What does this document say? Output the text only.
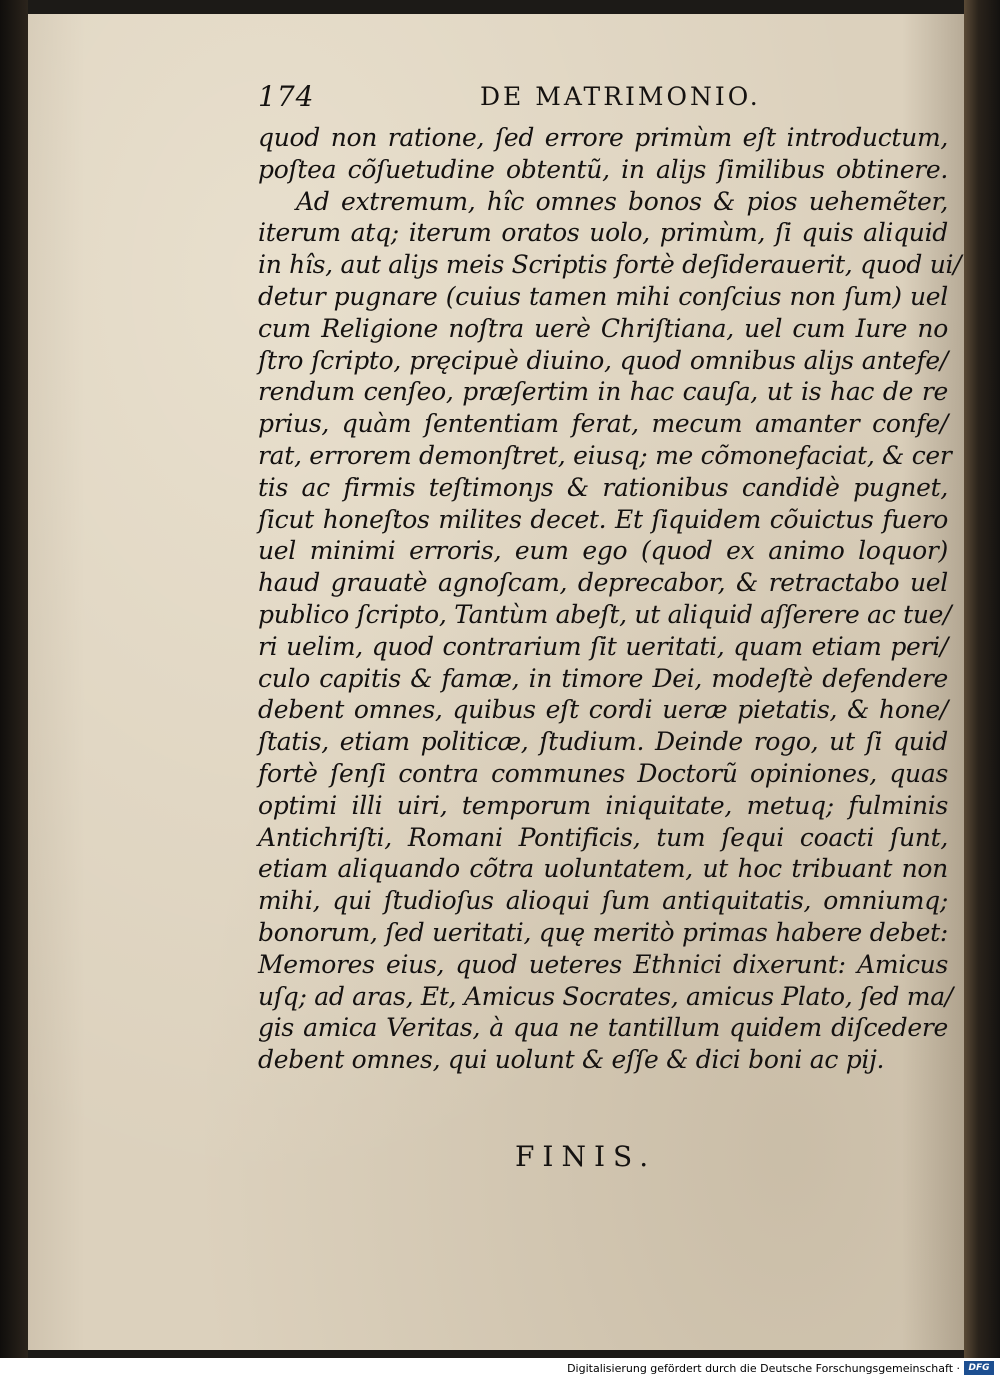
174	DE MATRIMONIO.
quod non ratione, ſed errore primùm eſt introductum,
poſtea cõſuetudine obtentũ, in aliȷs ſimilibus obtinere.
Ad extremum, hîc omnes bonos & pios uehemẽter,
iterum atq; iterum oratos uolo, primùm, ſi quis aliquid
in hîs, aut aliȷs meis Scriptis fortè deſiderauerit, quod ui/
detur pugnare (cuius tamen mihi conſcius non ſum) uel
cum Religione noſtra uerè Chriſtiana, uel cum Iure no
ſtro ſcripto, pręcipuè diuino, quod omnibus aliȷs antefe/
rendum cenſeo, præſertim in hac cauſa, ut is hac de re
prius, quàm ſententiam ferat, mecum amanter confe/
rat, errorem demonſtret, eiusq; me cõmonefaciat, & cer
tis ac firmis teſtimonȷs & rationibus candidè pugnet,
ſicut honeſtos milites decet. Et ſiquidem cõuictus fuero
uel minimi erroris, eum ego (quod ex animo loquor)
haud grauatè agnoſcam, deprecabor, & retractabo uel
publico ſcripto, Tantùm abeſt, ut aliquid aſſerere ac tue/
ri uelim, quod contrarium ſit ueritati, quam etiam peri/
culo capitis & famæ, in timore Dei, modeſtè defendere
debent omnes, quibus eſt cordi ueræ pietatis, & hone/
ſtatis, etiam politicæ, ſtudium. Deinde rogo, ut ſi quid
fortè ſenſi contra communes Doctorũ opiniones, quas
optimi illi uiri, temporum iniquitate, metuq; fulminis
Antichriſti, Romani Pontificis, tum ſequi coacti ſunt,
etiam aliquando cõtra uoluntatem, ut hoc tribuant non
mihi, qui ſtudioſus alioqui ſum antiquitatis, omniumq;
bonorum, ſed ueritati, quę meritò primas habere debet:
Memores eius, quod ueteres Ethnici dixerunt: Amicus
uſq; ad aras, Et, Amicus Socrates, amicus Plato, ſed ma/
gis amica Veritas, à qua ne tantillum quidem diſcedere
debent omnes, qui uolunt & eſſe & dici boni ac pij.
FINIS.
Digitalisierung gefördert durch die Deutsche Forschungsgemeinschaft · DFG
